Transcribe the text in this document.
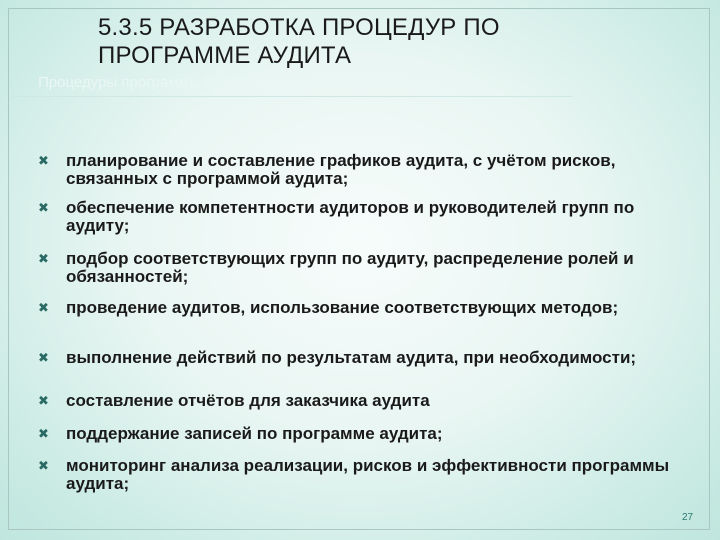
5.3.5 РАЗРАБОТКА ПРОЦЕДУР ПО ПРОГРАММЕ АУДИТА
Процедуры программы аудита должны охватывать:
✖ планирование и составление графиков аудита, с учётом рисков, связанных с программой аудита;
✖ обеспечение компетентности аудиторов и руководителей групп по аудиту;
✖ подбор соответствующих групп по аудиту, распределение ролей и обязанностей;
✖ проведение аудитов, использование соответствующих методов;
✖ выполнение действий по результатам аудита, при необходимости;
✖ составление отчётов для заказчика аудита
✖ поддержание записей по программе аудита;
✖ мониторинг анализа реализации, рисков и эффективности программы аудита;
27
